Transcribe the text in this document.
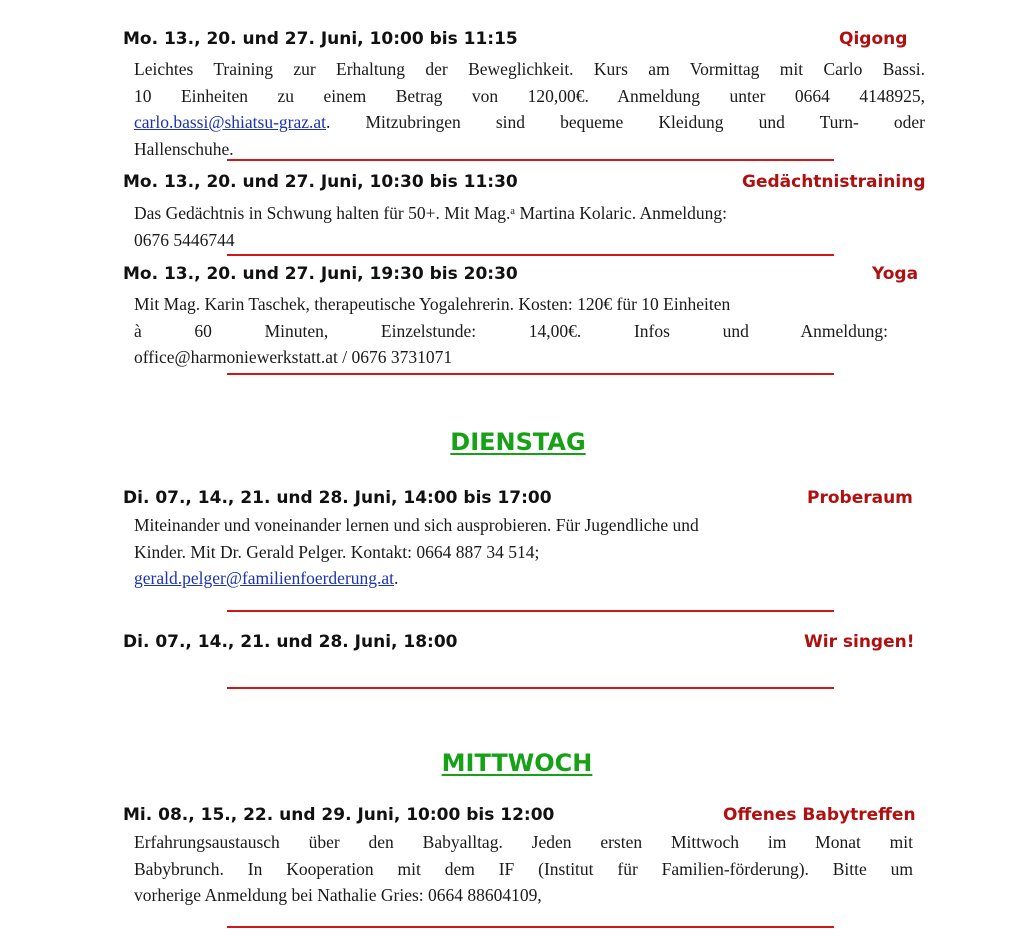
Mo. 13., 20. und 27. Juni, 10:00 bis 11:15	Qigong
Leichtes Training zur Erhaltung der Beweglichkeit. Kurs am Vormittag mit Carlo Bassi.
10 Einheiten zu einem Betrag von 120,00€. Anmeldung unter 0664 4148925,
carlo.bassi@shiatsu-graz.at. Mitzubringen sind bequeme Kleidung und Turn- oder
Hallenschuhe.
Mo. 13., 20. und 27. Juni, 10:30 bis 11:30	Gedächtnistraining
Das Gedächtnis in Schwung halten für 50+. Mit Mag.ᵃ Martina Kolaric. Anmeldung:
0676 5446744
Mo. 13., 20. und 27. Juni, 19:30 bis 20:30	Yoga
Mit Mag. Karin Taschek, therapeutische Yogalehrerin. Kosten: 120€ für 10 Einheiten
à 60 Minuten, Einzelstunde: 14,00€. Infos und Anmeldung:
office@harmoniewerkstatt.at / 0676 3731071
DIENSTAG
Di. 07., 14., 21. und 28. Juni, 14:00 bis 17:00	Proberaum
Miteinander und voneinander lernen und sich ausprobieren. Für Jugendliche und
Kinder. Mit Dr. Gerald Pelger. Kontakt: 0664 887 34 514;
gerald.pelger@familienfoerderung.at.
Di. 07., 14., 21. und 28. Juni, 18:00	Wir singen!
MITTWOCH
Mi. 08., 15., 22. und 29. Juni, 10:00 bis 12:00	Offenes Babytreffen
Erfahrungsaustausch über den Babyalltag. Jeden ersten Mittwoch im Monat mit
Babybrunch. In Kooperation mit dem IF (Institut für Familien-förderung). Bitte um
vorherige Anmeldung bei Nathalie Gries: 0664 88604109,
